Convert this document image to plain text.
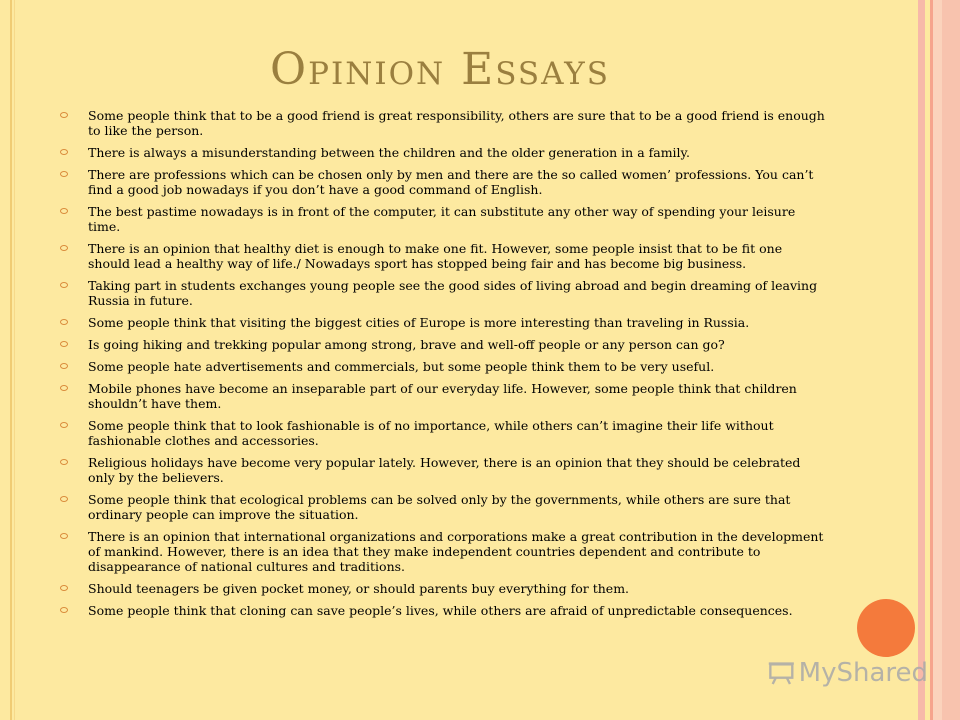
Opinion Essays
Some people think that to be a good friend is great responsibility, others are sure that to be a good friend is enough to like the person.
There is always a misunderstanding between the children and the older generation in a family.
There are professions which can be chosen only by men and there are the so called women’ professions. You can’t find a good job nowadays if you don’t have a good command of English.
The best pastime nowadays is in front of the computer, it can substitute any other way of spending your leisure time.
There is an opinion that healthy diet is enough to make one fit. However, some people insist that to be fit one should lead a healthy way of life./ Nowadays sport has stopped being fair and has become big business.
Taking part in students exchanges young people see the good sides of living abroad and begin dreaming of leaving Russia in future.
Some people think that visiting the biggest cities of Europe is more interesting than traveling in Russia.
Is going hiking and trekking popular among strong, brave and well-off people or any person can go?
Some people hate advertisements and commercials, but some people think them to be very useful.
Mobile phones have become an inseparable part of our everyday life. However, some people think that children shouldn’t have them.
Some people think that to look fashionable is of no importance, while others can’t imagine their life without fashionable clothes and accessories.
Religious holidays have become very popular lately. However, there is an opinion that they should be celebrated only by the believers.
Some people think that ecological problems can be solved only by the governments, while others are sure that ordinary people can improve the situation.
There is an opinion that international organizations and corporations make a great contribution in the development of mankind. However, there is an idea that they make independent countries dependent and contribute to disappearance of national cultures and traditions.
Should teenagers be given pocket money, or should parents buy everything for them.
Some people think that cloning can save people’s lives, while others are afraid of unpredictable consequences.
MyShared
